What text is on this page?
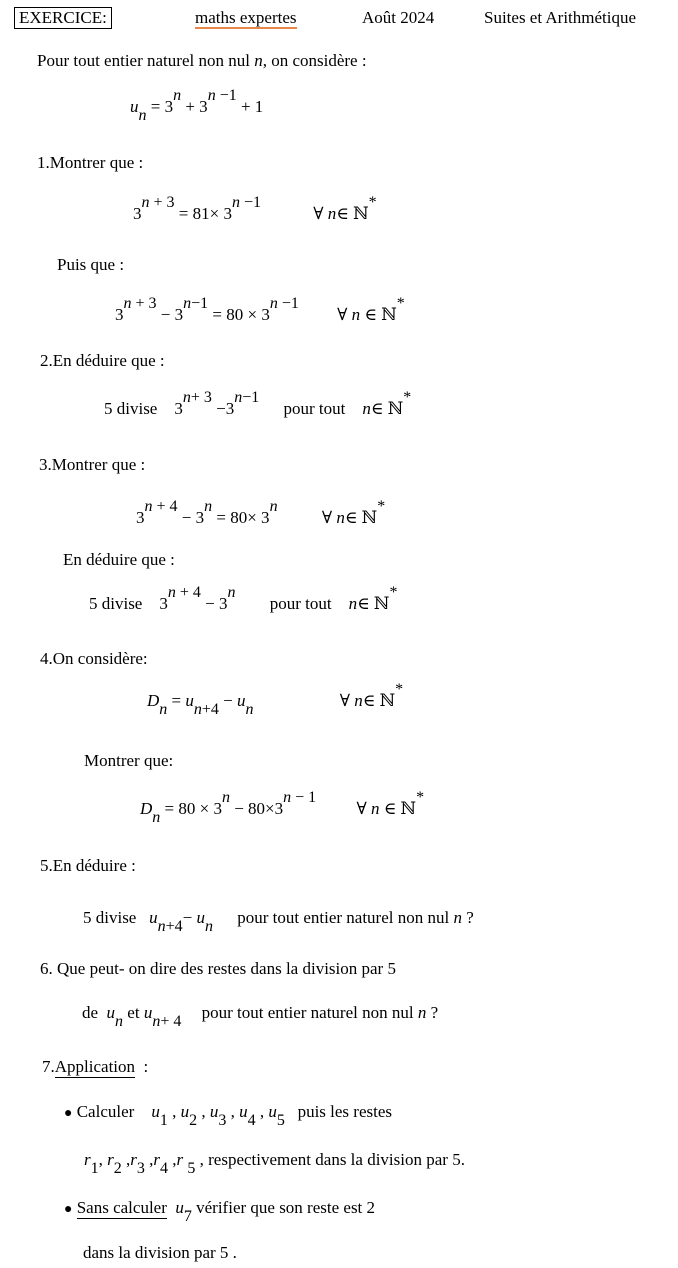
EXERCICE:	maths expertes	Août 2024	Suites et Arithmétique
Pour tout entier naturel non nul n, on considère :
$u_n = 3^n + 3^{n -1} + 1$
1.Montrer que :
$3^{n + 3} = 81\times 3^{n -1}$ ∀ n∈ ℕ*
Puis que :
$3^{n + 3} - 3^{n-1} = 80 \times 3^{n -1}$ ∀ n ∈ ℕ*
2.En déduire que :
5 divise    $3^{n+ 3} -3^{n-1}$ pour tout n∈ ℕ*
3.Montrer que :
$3^{n + 4} - 3^n = 80\times 3^n$ ∀ n∈ ℕ*
En déduire que :
5 divise    $3^{n + 4} - 3^n$ pour tout n∈ ℕ*
4.On considère:
$D_n = u_{n+4} - u_n$	∀ n∈ ℕ*
Montrer que:
$D_n = 80 \times 3^n - 80\times 3^{n - 1}$ ∀ n ∈ ℕ*
5.En déduire :
5 divise $u_{n+4}- u_n$ pour tout entier naturel non nul n ?
6. Que peut- on dire des restes dans la division par 5
de $u_n$ et $u_{n+ 4}$ pour tout entier naturel non nul n ?
7.Application :
● Calculer $u_1$ , $u_2$ , $u_3$ , $u_4$ , $u_5$ puis les restes
$r_1$, $r_2$ $,r_3$ $,r_4$ ,r $_5$ , respectivement dans la division par 5.
● Sans calculer $u_7$ vérifier que son reste est 2
dans la division par 5 .
